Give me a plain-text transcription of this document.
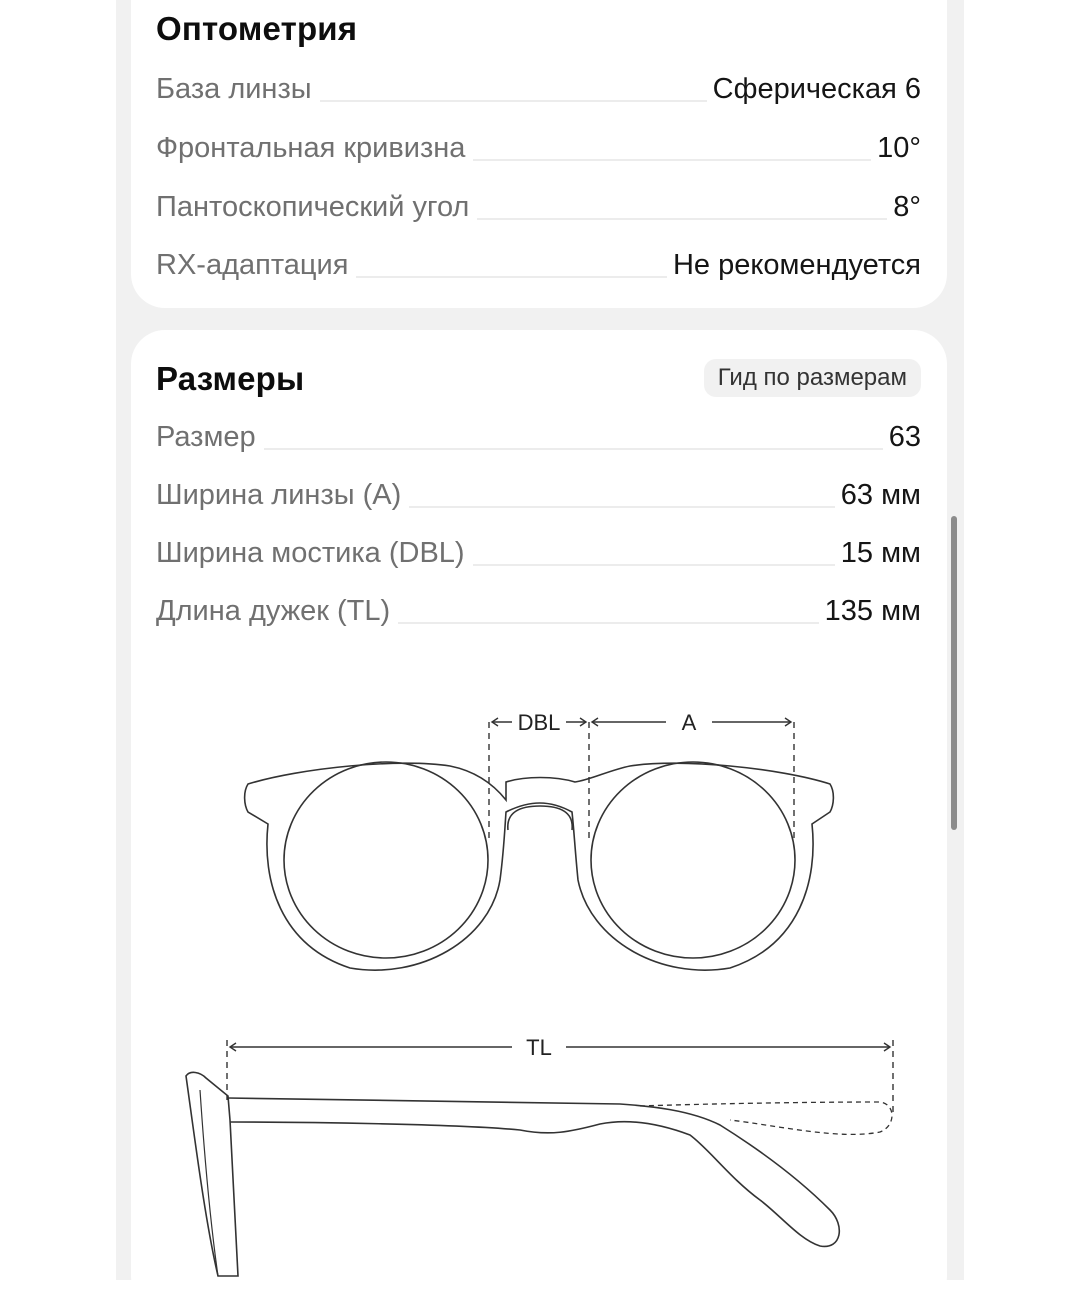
Оптометрия
База линзы	Сферическая 6
Фронтальная кривизна	10°
Пантоскопический угол	8°
RX-адаптация	Не рекомендуется
Размеры	Гид по размерам
Размер	63
Ширина линзы (A)	63 мм
Ширина мостика (DBL)	15 мм
Длина дужек (TL)	135 мм
DBL	A
TL
